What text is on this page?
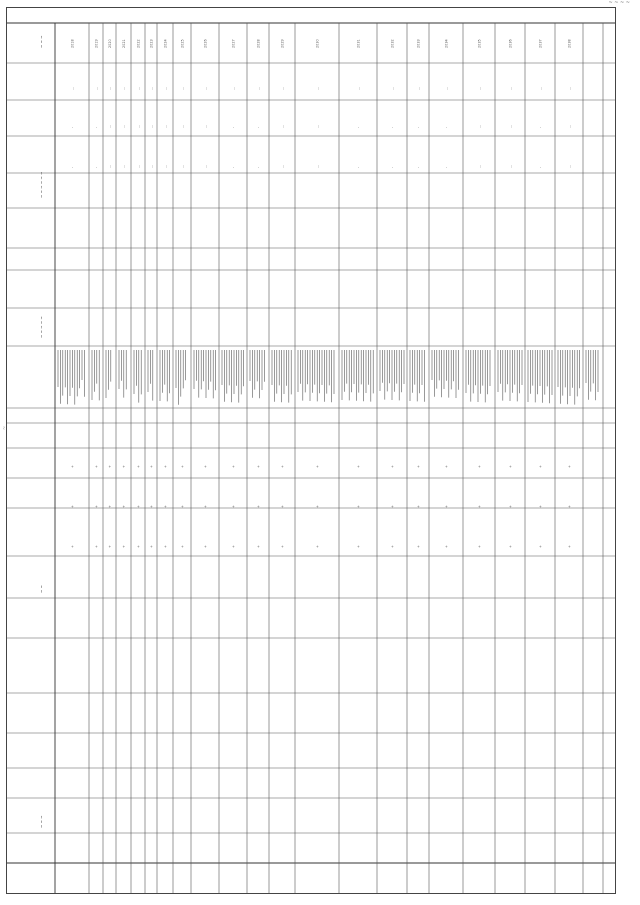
~ ~ ~ ~
~
2018
...
-
-
+
+
+
2019
...
-
-
+
+
+
2020
...
...
...
+
+
+
2021
...
...
...
+
+
+
2022
...
...
...
+
+
+
2023
...
...
...
+
+
+
2024
...
...
...
+
+
+
2025
...
...
...
+
+
+
2026
...
...
...
+
+
+
2027
...
-
-
+
+
+
2028
...
-
-
+
+
+
2029
...
...
...
+
+
+
2030
...
...
...
+
+
+
2031
...
-
-
+
+
+
2032
...
-
-
+
+
+
2033
...
-
-
+
+
+
2034
...
-
-
+
+
+
2035
...
...
...
+
+
+
2036
...
...
...
+
+
+
2037
...
-
-
+
+
+
2038
...
...
...
+
+
+
~ ~ ~ ~ ~ ~
~ ~ ~
~ ~ ~ ~ ~
~ ~
~ ~ ~
